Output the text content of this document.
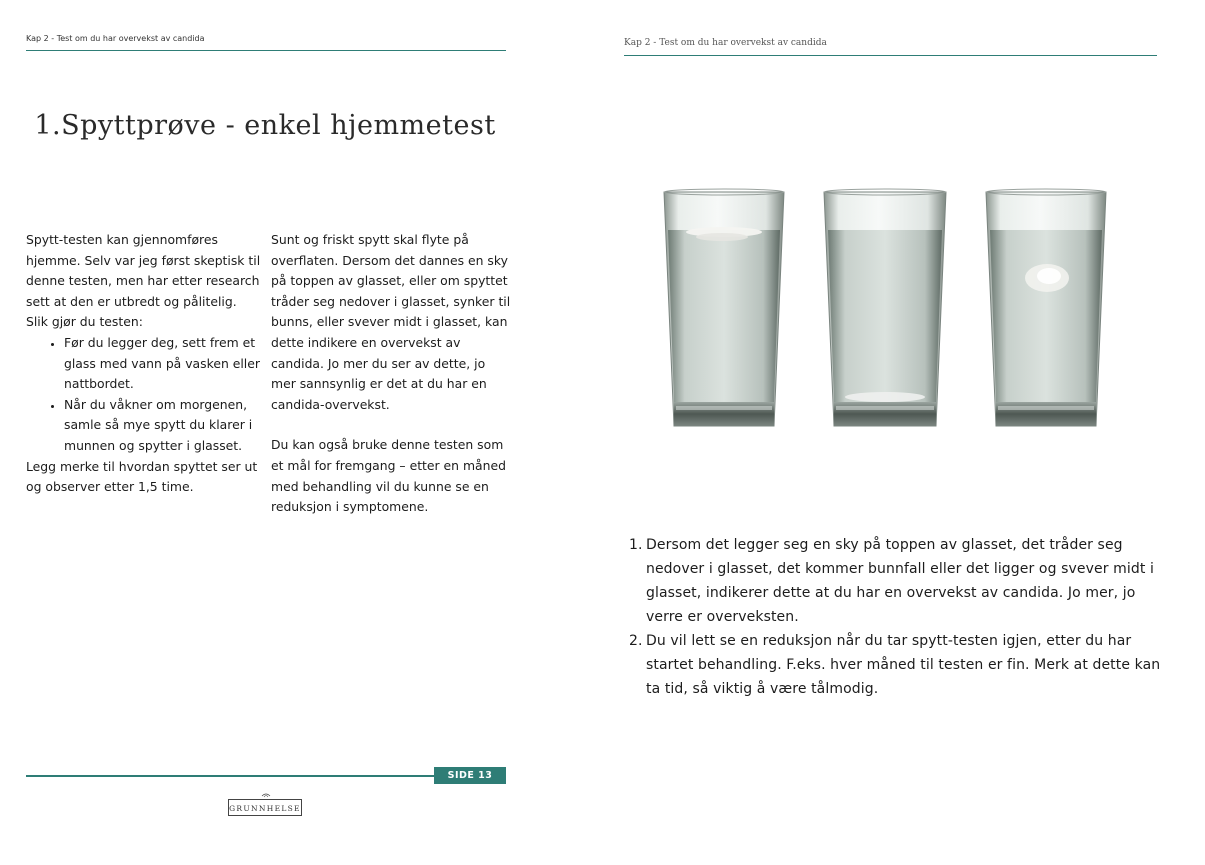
Kap 2 - Test om du har overvekst av candida
1.Spyttprøve - enkel hjemmetest

Spytt-testen kan gjennomføres hjemme. Selv var jeg først skeptisk til denne testen, men har etter research sett at den er utbredt og pålitelig.

Slik gjør du testen:

• Før du legger deg, sett frem et glass med vann på vasken eller nattbordet.
• Når du våkner om morgenen, samle så mye spytt du klarer i munnen og spytter i glasset.

Legg merke til hvordan spyttet ser ut og observer etter 1,5 time.

Sunt og friskt spytt skal flyte på overflaten. Dersom det dannes en sky på toppen av glasset, eller om spyttet tråder seg nedover i glasset, synker til bunns, eller svever midt i glasset, kan dette indikere en overvekst av candida. Jo mer du ser av dette, jo mer sannsynlig er det at du har en candida-overvekst.

Du kan også bruke denne testen som et mål for fremgang – etter en måned med behandling vil du kunne se en reduksjon i symptomene.

SIDE 13
GRUNNHELSE
Kap 2 - Test om du har overvekst av candida
1. Dersom det legger seg en sky på toppen av glasset, det tråder seg nedover i glasset, det kommer bunnfall eller det ligger og svever midt i glasset, indikerer dette at du har en overvekst av candida. Jo mer, jo verre er overveksten.
2. Du vil lett se en reduksjon når du tar spytt-testen igjen, etter du har startet behandling. F.eks. hver måned til testen er fin. Merk at dette kan ta tid, så viktig å være tålmodig.
